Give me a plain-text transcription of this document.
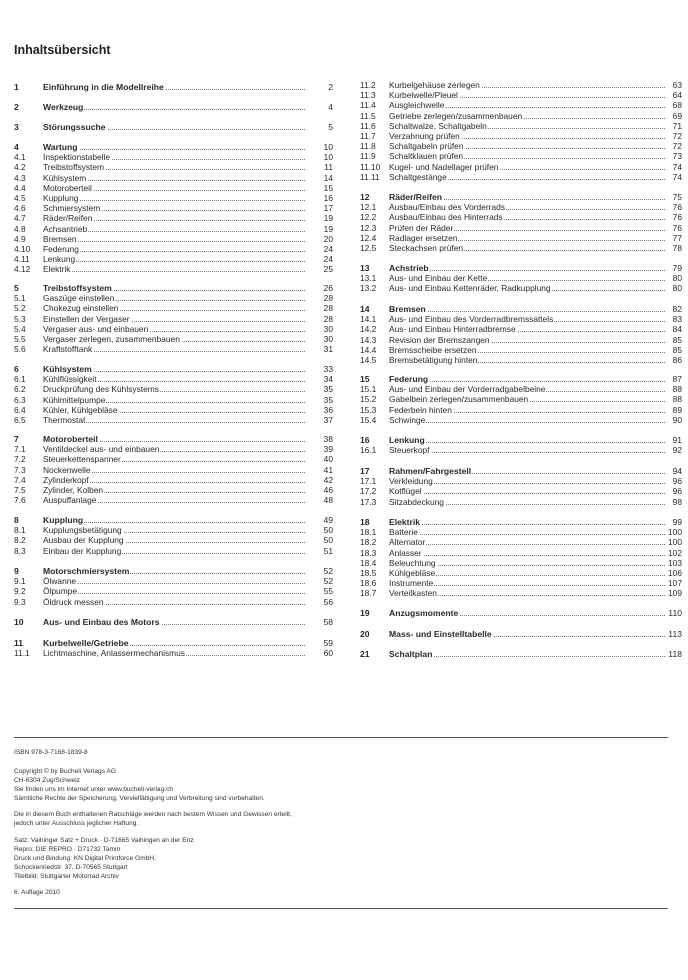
Inhaltsübersicht
1	Einführung in die Modellreihe	2
2	Werkzeug	4
3	Störungssuche	5
4	Wartung	10
4.1 Inspektionstabelle	10
4.2 Treibstoffsystem	11
4.3 Kühlsystem	14
4.4 Motoroberteil	15
4.5 Kupplung	16
4.6 Schmiersystem	17
4.7 Räder/Reifen	19
4.8 Achsantrieb	19
4.9 Bremsen	20
4.10 Federung	24
4.11 Lenkung	24
4.12 Elektrik	25
5	Treibstoffsystem	26
5.1 Gaszüge einstellen	28
5.2 Chokezug einstellen	28
5.3 Einstellen der Vergaser	28
5.4 Vergaser aus- und einbauen	30
5.5 Vergaser zerlegen, zusammenbauen	30
5.6 Kraftstofftank	31
6	Kühlsystem	33
6.1 Kühlflüssigkeit	34
6.2 Druckprüfung des Kühlsystems	35
6.3 Kühlmittelpumpe	35
6.4 Kühler, Kühlgebläse	36
6.5 Thermostat	37
7	Motoroberteil	38
7.1 Ventildeckel aus- und einbauen	39
7.2 Steuerkettenspanner	40
7.3 Nockenwelle	41
7.4 Zylinderkopf	42
7.5 Zylinder, Kolben	46
7.6 Auspuffanlage	48
8	Kupplung	49
8.1 Kupplungsbetätigung	50
8.2 Ausbau der Kupplung	50
8.3 Einbau der Kupplung	51
9	Motorschmiersystem	52
9.1 Ölwanne	52
9.2 Ölpumpe	55
9.3 Öldruck messen	56
10 Aus- und Einbau des Motors	58
11 Kurbelwelle/Getriebe	59
11.1 Lichtmaschine, Anlassermechanismus	60
11.2 Kurbelgehäuse zerlegen	63
11.3 Kurbelwelle/Pleuel	64
11.4 Ausgleichwelle	68
11.5 Getriebe zerlegen/zusammenbauen	69
11.6 Schaltwalze, Schaltgabeln	71
11.7 Verzahnung prüfen	72
11.8 Schaltgabeln prüfen	72
11.9 Schaltklauen prüfen	73
11.10 Kugel- und Nadellager prüfen	74
11.11 Schaltgestänge	74
12 Räder/Reifen	75
12.1 Ausbau/Einbau des Vorderrads	76
12.2 Ausbau/Einbau des Hinterrads	76
12.3 Prüfen der Räder	76
12.4 Radlager ersetzen	77
12.5 Steckachsen prüfen	78
13 Achstrieb	79
13.1 Aus- und Einbau der Kette	80
13.2 Aus- und Einbau Kettenräder, Radkupplung	80
14 Bremsen	82
14.1 Aus- und Einbau des Vorderradbremssattels	83
14.2 Aus- und Einbau Hinterradbremse	84
14.3 Revision der Bremszangen	85
14.4 Bremsscheibe ersetzen	85
14.5 Bremsbetätigung hinten	86
15 Federung	87
15.1 Aus- und Einbau der Vorderradgabelbeine	88
15.2 Gabelbein zerlegen/zusammenbauen	88
15.3 Federbein hinten	89
15.4 Schwinge	90
16 Lenkung	91
16.1 Steuerkopf	92
17 Rahmen/Fahrgestell	94
17.1 Verkleidung	96
17.2 Kotflügel	96
17.3 Sitzabdeckung	98
18 Elektrik	99
18.1 Batterie	100
18.2 Alternator	100
18.3 Anlasser	102
18.4 Beleuchtung	103
18.5 Kühlgebläse	106
18.6 Instrumente	107
18.7 Verteilkasten	109
19 Anzugsmomente	110
20 Mass- und Einstelltabelle	113
21 Schaltplan	118
ISBN 978-3-7168-1839-8
Copyright © by Bucheli Verlags AG
CH-6304 Zug/Schweiz
Sie finden uns im Internet unter www.bucheli-verlag.ch
Sämtliche Rechte der Speicherung, Vervielfältigung und Verbreitung sind vorbehalten.
Die in diesem Buch enthaltenen Ratschläge werden nach bestem Wissen und Gewissen erteilt,
jedoch unter Ausschluss jeglicher Haftung.
Satz: Vaihinger Satz + Druck · D-71665 Vaihingen an der Enz
Repro: DIE REPRO · D71732 Tamm
Druck und Bindung: KN Digital Printforce GmbH,
Schockenriedstr. 37, D-70565 Stuttgart
Titelbild: Stuttgarter Motorrad Archiv
6. Auflage 2010
